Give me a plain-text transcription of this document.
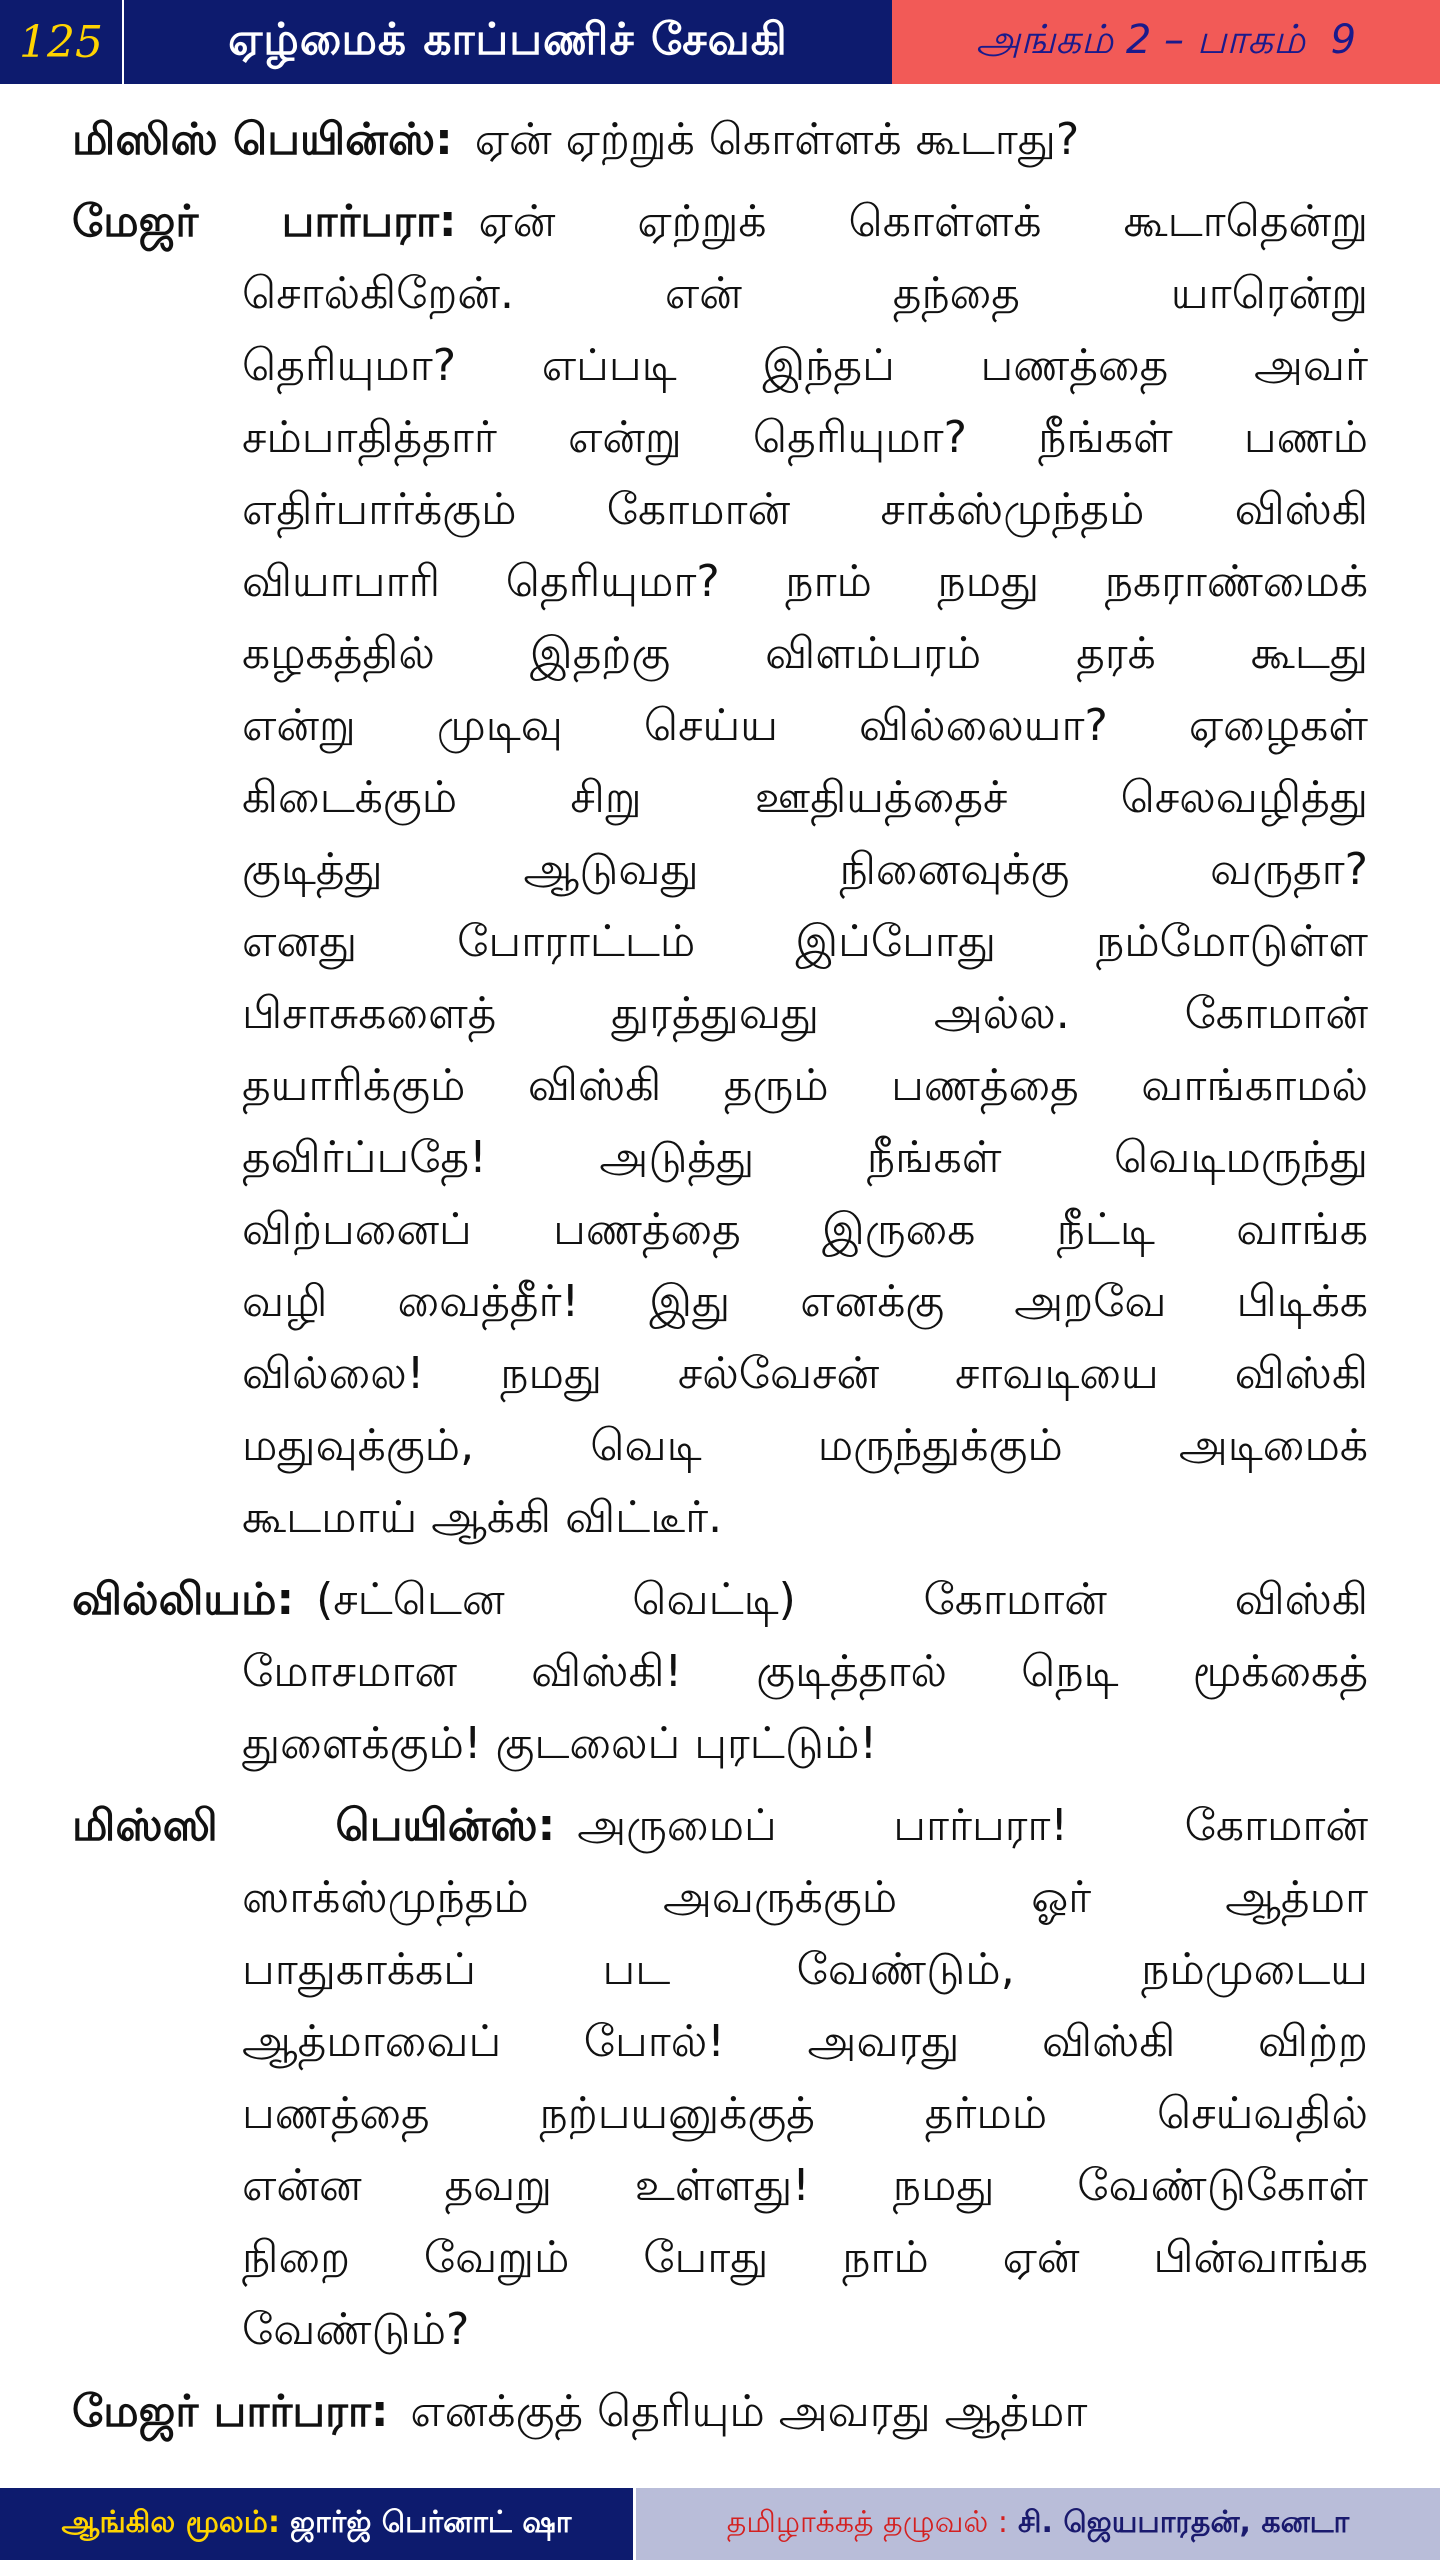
125	ஏழ்மைக் காப்பணிச் சேவகி	அங்கம் 2 – பாகம்  9
மிஸிஸ் பெயின்ஸ்: ஏன் ஏற்றுக் கொள்ளக் கூடாது?
மேஜர் பார்பரா: ஏன் ஏற்றுக் கொள்ளக் கூடாதென்று
சொல்கிறேன். என் தந்தை யாரென்று
தெரியுமா? எப்படி இந்தப் பணத்தை அவர்
சம்பாதித்தார் என்று தெரியுமா? நீங்கள் பணம்
எதிர்பார்க்கும் கோமான் சாக்ஸ்முந்தம் விஸ்கி
வியாபாரி தெரியுமா? நாம் நமது நகராண்மைக்
கழகத்தில் இதற்கு விளம்பரம் தரக் கூடது
என்று முடிவு செய்ய வில்லையா? ஏழைகள்
கிடைக்கும் சிறு ஊதியத்தைச் செலவழித்து
குடித்து ஆடுவது நினைவுக்கு வருதா?
எனது போராட்டம் இப்போது நம்மோடுள்ள
பிசாசுகளைத் துரத்துவது அல்ல. கோமான்
தயாரிக்கும் விஸ்கி தரும் பணத்தை வாங்காமல்
தவிர்ப்பதே! அடுத்து நீங்கள் வெடிமருந்து
விற்பனைப் பணத்தை இருகை நீட்டி வாங்க
வழி வைத்தீர்! இது எனக்கு அறவே பிடிக்க
வில்லை! நமது சல்வேசன் சாவடியை விஸ்கி
மதுவுக்கும், வெடி மருந்துக்கும் அடிமைக்
கூடமாய் ஆக்கி விட்டீர்.
வில்லியம்: (சட்டென வெட்டி) கோமான் விஸ்கி
மோசமான விஸ்கி! குடித்தால் நெடி மூக்கைத்
துளைக்கும்! குடலைப் புரட்டும்!
மிஸ்ஸி பெயின்ஸ்: அருமைப் பார்பரா! கோமான்
ஸாக்ஸ்முந்தம் அவருக்கும் ஓர் ஆத்மா
பாதுகாக்கப் பட வேண்டும், நம்முடைய
ஆத்மாவைப் போல்! அவரது விஸ்கி விற்ற
பணத்தை நற்பயனுக்குத் தர்மம் செய்வதில்
என்ன தவறு உள்ளது! நமது வேண்டுகோள்
நிறை வேறும் போது நாம் ஏன் பின்வாங்க
வேண்டும்?
மேஜர் பார்பரா: எனக்குத் தெரியும் அவரது ஆத்மா
ஆங்கில மூலம்: ஜார்ஜ் பெர்னாட் ஷா	தமிழாக்கத் தழுவல் : சி. ஜெயபாரதன், கனடா
